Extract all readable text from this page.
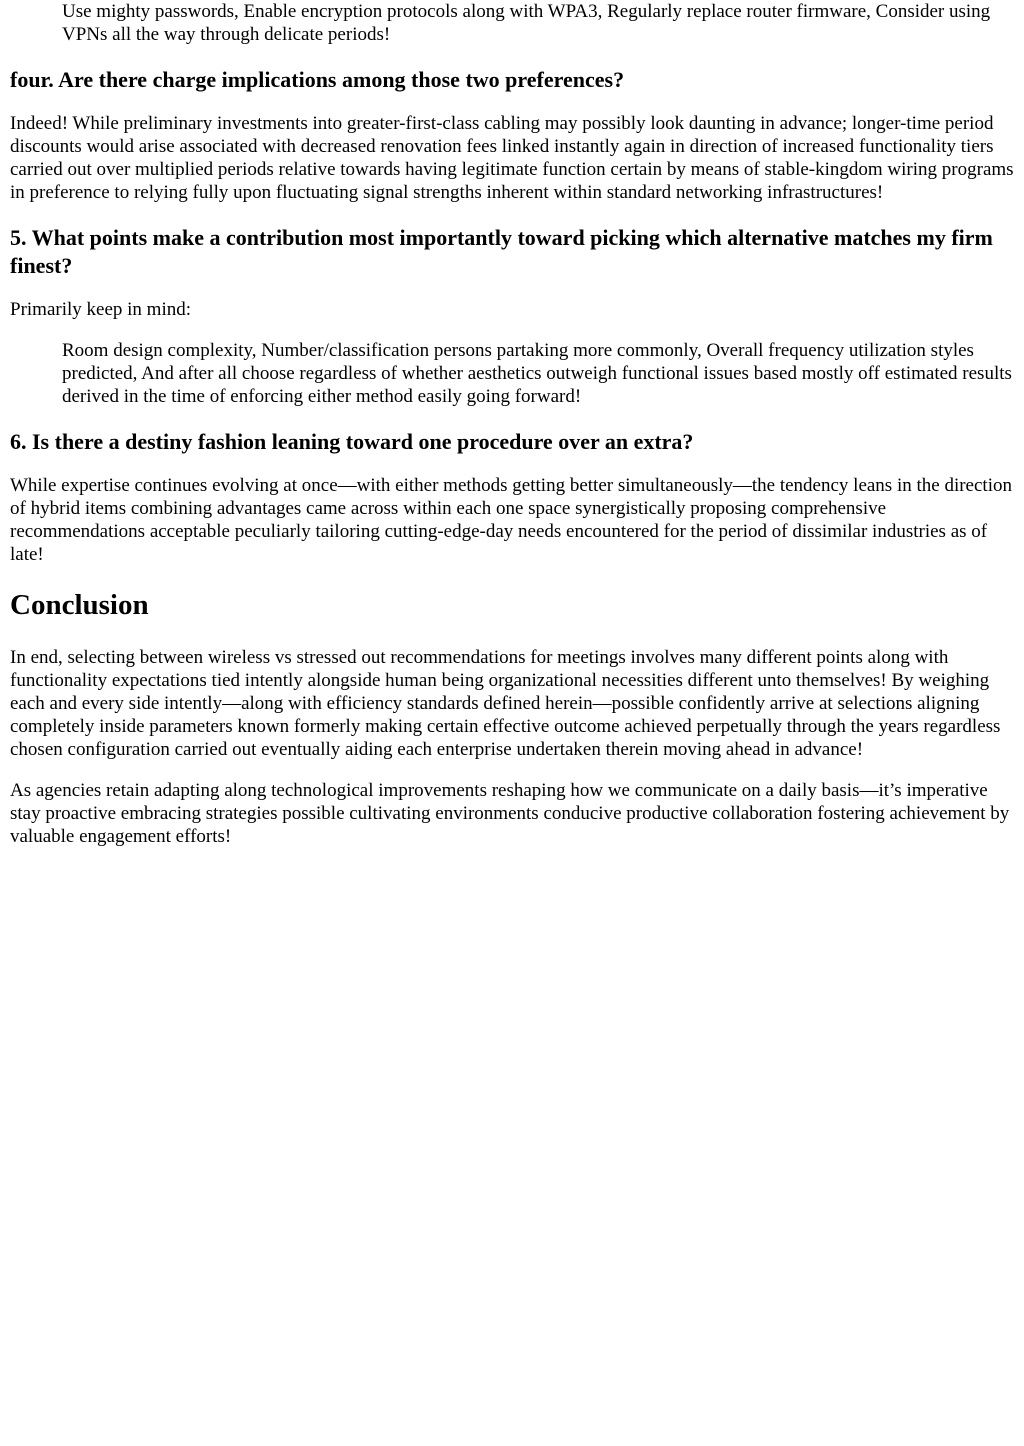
Use mighty passwords, Enable encryption protocols along with WPA3, Regularly replace router firmware, Consider using VPNs all the way through delicate periods!

four. Are there charge implications among those two preferences?

Indeed! While preliminary investments into greater-first-class cabling may possibly look daunting in advance; longer-time period discounts would arise associated with decreased renovation fees linked instantly again in direction of increased functionality tiers carried out over multiplied periods relative towards having legitimate function certain by means of stable-kingdom wiring programs in preference to relying fully upon fluctuating signal strengths inherent within standard networking infrastructures!

5. What points make a contribution most importantly toward picking which alternative matches my firm finest?

Primarily keep in mind:

Room design complexity, Number/classification persons partaking more commonly, Overall frequency utilization styles predicted, And after all choose regardless of whether aesthetics outweigh functional issues based mostly off estimated results derived in the time of enforcing either method easily going forward!

6. Is there a destiny fashion leaning toward one procedure over an extra?

While expertise continues evolving at once—with either methods getting better simultaneously—the tendency leans in the direction of hybrid items combining advantages came across within each one space synergistically proposing comprehensive recommendations acceptable peculiarly tailoring cutting-edge-day needs encountered for the period of dissimilar industries as of late!

Conclusion

In end, selecting between wireless vs stressed out recommendations for meetings involves many different points along with functionality expectations tied intently alongside human being organizational necessities different unto themselves! By weighing each and every side intently—along with efficiency standards defined herein—possible confidently arrive at selections aligning completely inside parameters known formerly making certain effective outcome achieved perpetually through the years regardless chosen configuration carried out eventually aiding each enterprise undertaken therein moving ahead in advance!

As agencies retain adapting along technological improvements reshaping how we communicate on a daily basis—it’s imperative stay proactive embracing strategies possible cultivating environments conducive productive collaboration fostering achievement by valuable engagement efforts!
